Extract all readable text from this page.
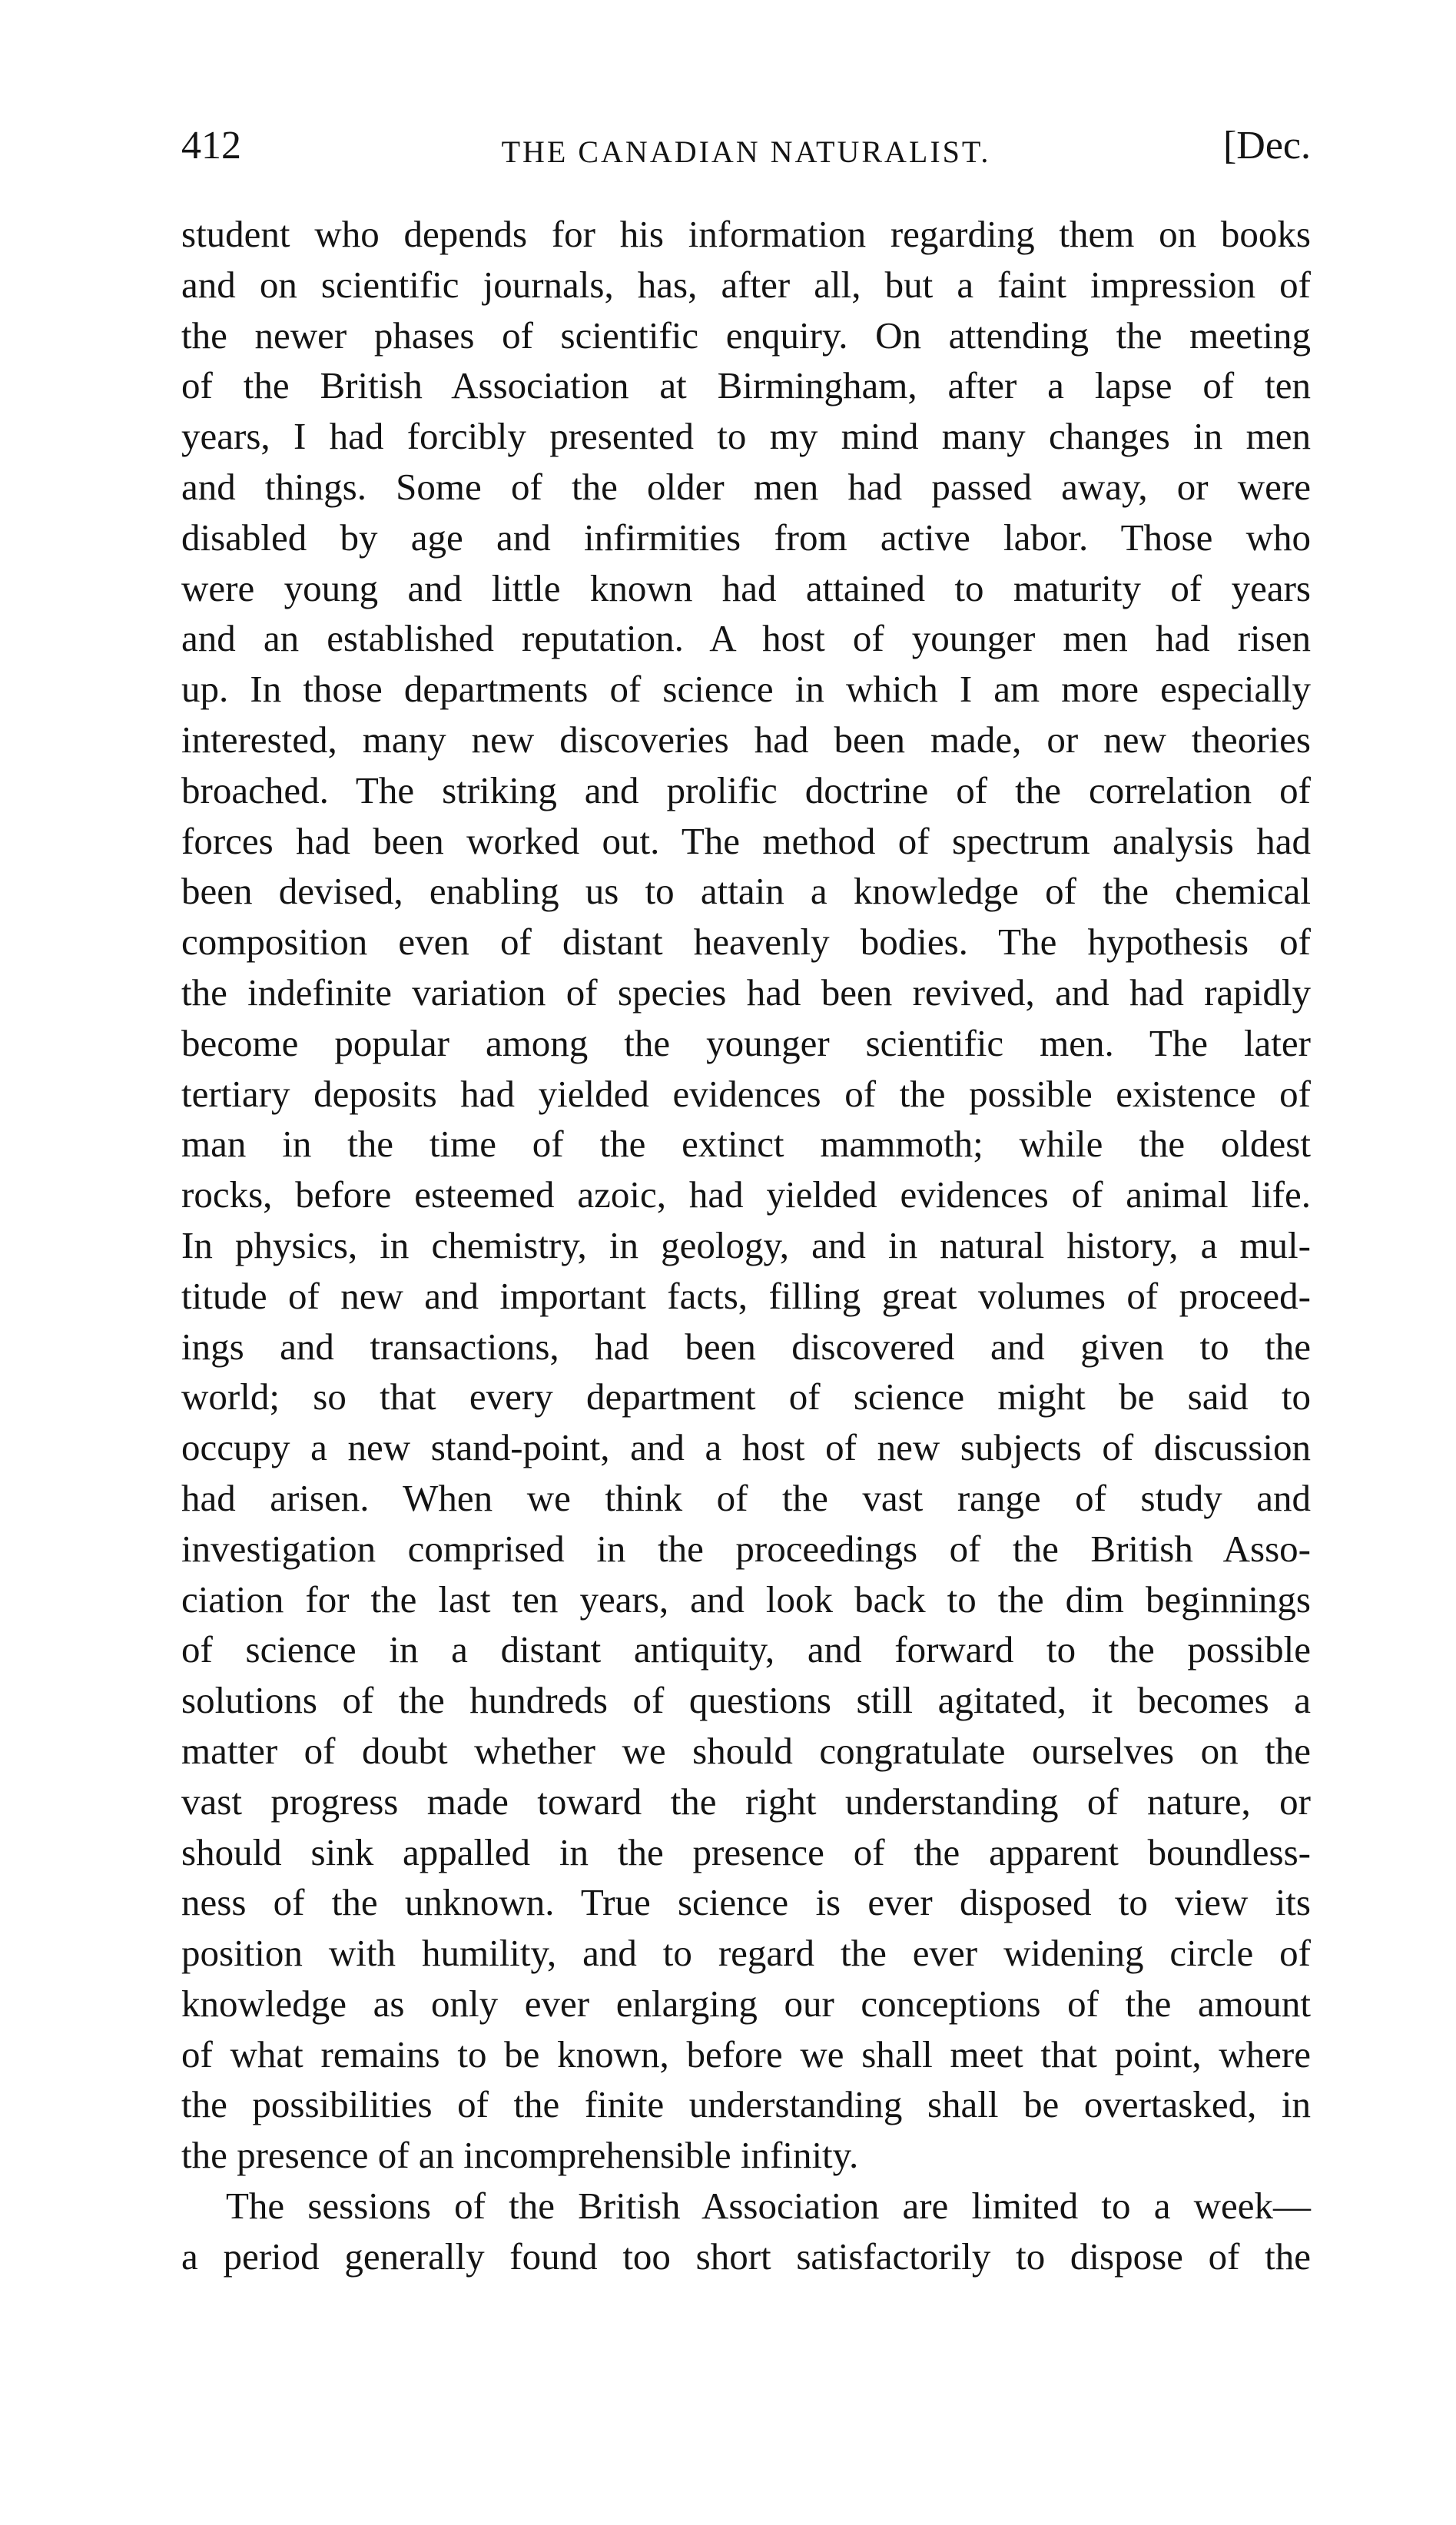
412	THE CANADIAN NATURALIST.	[Dec.
student who depends for his information regarding them on books
and on scientific journals, has, after all, but a faint impression of
the newer phases of scientific enquiry. On attending the meeting
of the British Association at Birmingham, after a lapse of ten
years, I had forcibly presented to my mind many changes in men
and things. Some of the older men had passed away, or were
disabled by age and infirmities from active labor. Those who
were young and little known had attained to maturity of years
and an established reputation. A host of younger men had risen
up. In those departments of science in which I am more especially
interested, many new discoveries had been made, or new theories
broached. The striking and prolific doctrine of the correlation of
forces had been worked out. The method of spectrum analysis had
been devised, enabling us to attain a knowledge of the chemical
composition even of distant heavenly bodies. The hypothesis of
the indefinite variation of species had been revived, and had rapidly
become popular among the younger scientific men. The later
tertiary deposits had yielded evidences of the possible existence of
man in the time of the extinct mammoth; while the oldest
rocks, before esteemed azoic, had yielded evidences of animal life.
In physics, in chemistry, in geology, and in natural history, a mul-
titude of new and important facts, filling great volumes of proceed-
ings and transactions, had been discovered and given to the
world; so that every department of science might be said to
occupy a new stand-point, and a host of new subjects of discussion
had arisen. When we think of the vast range of study and
investigation comprised in the proceedings of the British Asso-
ciation for the last ten years, and look back to the dim beginnings
of science in a distant antiquity, and forward to the possible
solutions of the hundreds of questions still agitated, it becomes a
matter of doubt whether we should congratulate ourselves on the
vast progress made toward the right understanding of nature, or
should sink appalled in the presence of the apparent boundless-
ness of the unknown. True science is ever disposed to view its
position with humility, and to regard the ever widening circle of
knowledge as only ever enlarging our conceptions of the amount
of what remains to be known, before we shall meet that point, where
the possibilities of the finite understanding shall be overtasked, in
the presence of an incomprehensible infinity.
The sessions of the British Association are limited to a week—
a period generally found too short satisfactorily to dispose of the
